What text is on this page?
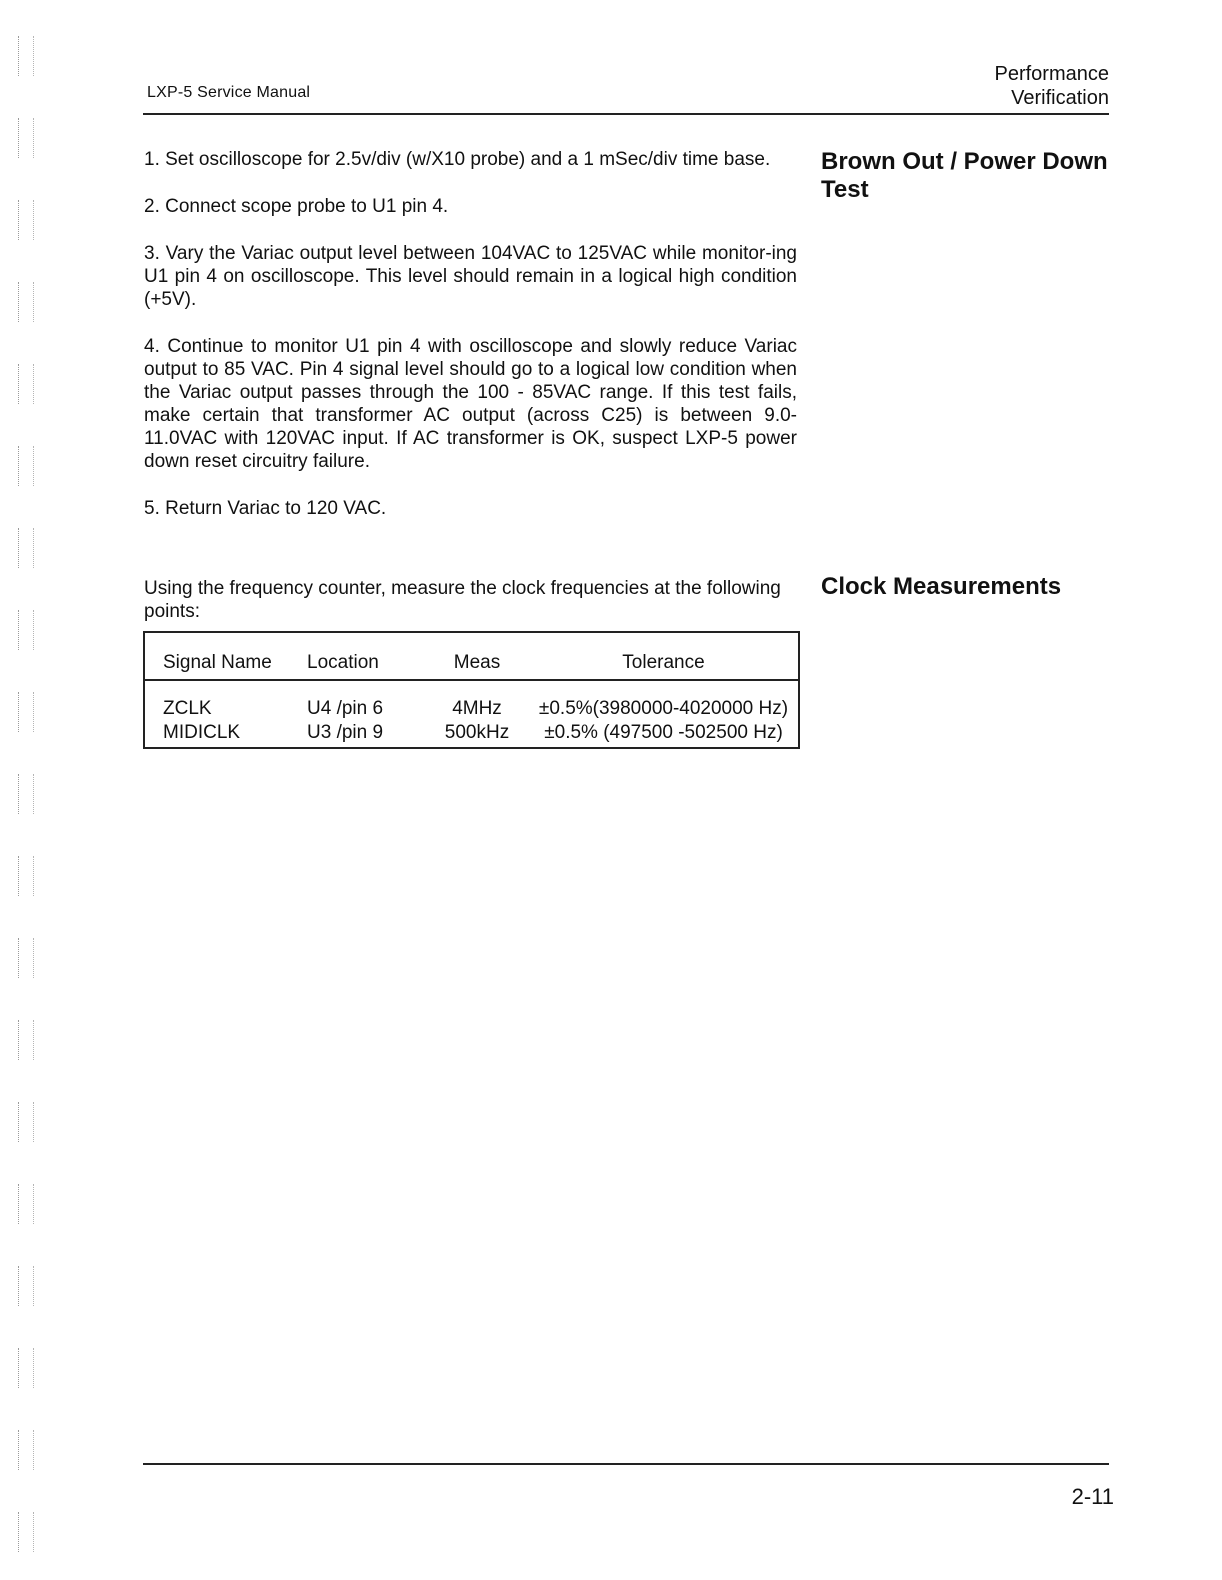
LXP-5 Service Manual
Performance
Verification

1. Set oscilloscope for 2.5v/div (w/X10 probe) and a 1 mSec/div time base.

2. Connect scope probe to U1 pin 4.

3. Vary the Variac output level between 104VAC to 125VAC while monitor-ing U1 pin 4 on oscilloscope. This level should remain in a logical high condition (+5V).

4. Continue to monitor U1 pin 4 with oscilloscope and slowly reduce Variac output to 85 VAC. Pin 4 signal level should go to a logical low condition when the Variac output passes through the 100 - 85VAC range. If this test fails, make certain that transformer AC output (across C25) is between 9.0-11.0VAC with 120VAC input. If AC transformer is OK, suspect LXP-5 power down reset circuitry failure.

5. Return Variac to 120 VAC.

Brown Out / Power Down
Test
Clock Measurements
Using the frequency counter, measure the clock frequencies at the following points:
Signal Name	Location	Meas	Tolerance
ZCLK	U4 /pin 6	4MHz	±0.5%(3980000-4020000 Hz)
MIDICLK	U3 /pin 9	500kHz	±0.5% (497500 -502500 Hz)
2-11
